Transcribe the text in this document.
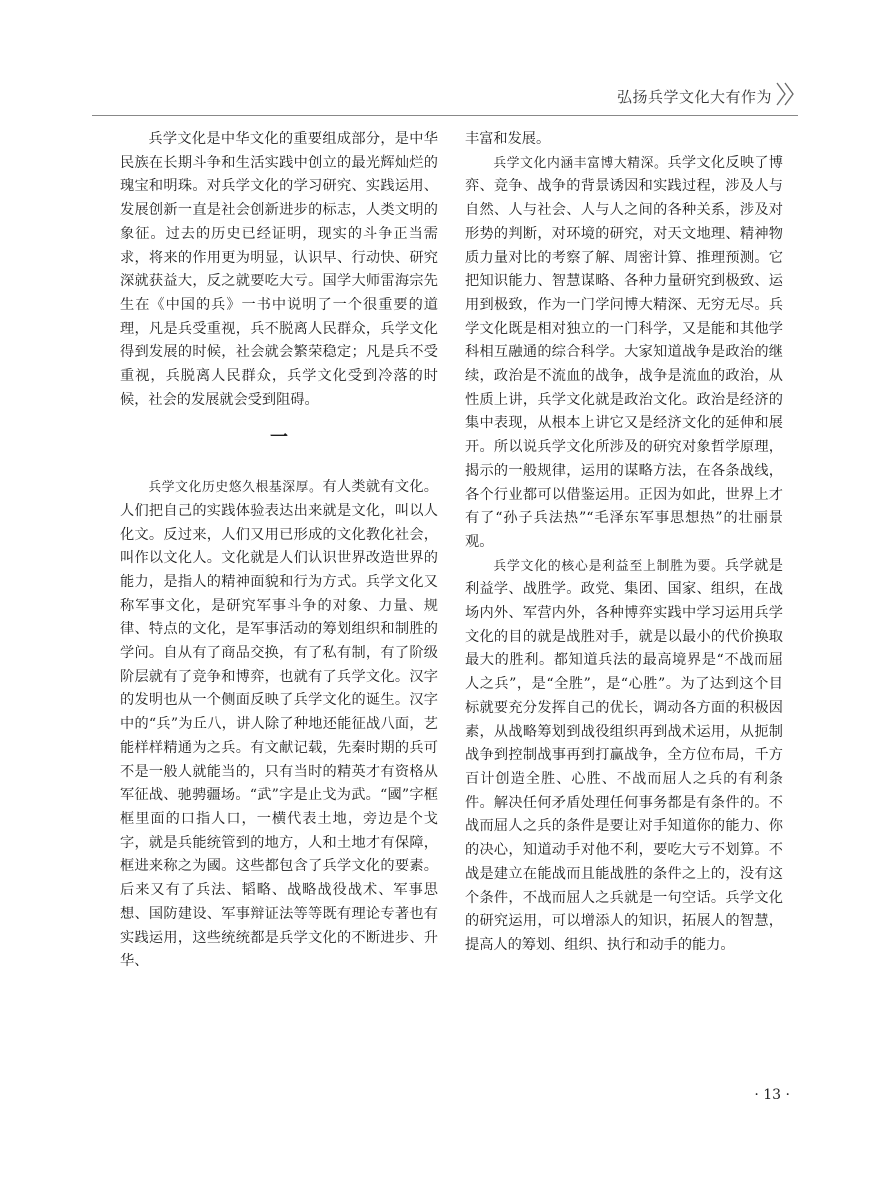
弘扬兵学文化大有作为

兵学文化是中华文化的重要组成部分，是中华民族在长期斗争和生活实践中创立的最光辉灿烂的瑰宝和明珠。对兵学文化的学习研究、实践运用、发展创新一直是社会创新进步的标志，人类文明的象征。过去的历史已经证明，现实的斗争正当需求，将来的作用更为明显，认识早、行动快、研究深就获益大，反之就要吃大亏。国学大师雷海宗先生在《中国的兵》一书中说明了一个很重要的道理，凡是兵受重视，兵不脱离人民群众，兵学文化得到发展的时候，社会就会繁荣稳定；凡是兵不受重视，兵脱离人民群众，兵学文化受到冷落的时候，社会的发展就会受到阻碍。

一

兵学文化历史悠久根基深厚。有人类就有文化。人们把自己的实践体验表达出来就是文化，叫以人化文。反过来，人们又用已形成的文化教化社会，叫作以文化人。文化就是人们认识世界改造世界的能力，是指人的精神面貌和行为方式。兵学文化又称军事文化，是研究军事斗争的对象、力量、规律、特点的文化，是军事活动的筹划组织和制胜的学问。自从有了商品交换，有了私有制，有了阶级阶层就有了竞争和博弈，也就有了兵学文化。汉字的发明也从一个侧面反映了兵学文化的诞生。汉字中的“兵”为丘八，讲人除了种地还能征战八面，艺能样样精通为之兵。有文献记载，先秦时期的兵可不是一般人就能当的，只有当时的精英才有资格从军征战、驰骋疆场。“武”字是止戈为武。“國”字框框里面的口指人口，一横代表土地，旁边是个戈字，就是兵能统管到的地方，人和土地才有保障，框进来称之为國。这些都包含了兵学文化的要素。后来又有了兵法、韬略、战略战役战术、军事思想、国防建设、军事辩证法等等既有理论专著也有实践运用，这些统统都是兵学文化的不断进步、升华、

丰富和发展。

兵学文化内涵丰富博大精深。兵学文化反映了博弈、竞争、战争的背景诱因和实践过程，涉及人与自然、人与社会、人与人之间的各种关系，涉及对形势的判断，对环境的研究，对天文地理、精神物质力量对比的考察了解、周密计算、推理预测。它把知识能力、智慧谋略、各种力量研究到极致、运用到极致，作为一门学问博大精深、无穷无尽。兵学文化既是相对独立的一门科学，又是能和其他学科相互融通的综合科学。大家知道战争是政治的继续，政治是不流血的战争，战争是流血的政治，从性质上讲，兵学文化就是政治文化。政治是经济的集中表现，从根本上讲它又是经济文化的延伸和展开。所以说兵学文化所涉及的研究对象哲学原理，揭示的一般规律，运用的谋略方法，在各条战线，各个行业都可以借鉴运用。正因为如此，世界上才有了“孙子兵法热”“毛泽东军事思想热”的壮丽景观。

兵学文化的核心是利益至上制胜为要。兵学就是利益学、战胜学。政党、集团、国家、组织，在战场内外、军营内外，各种博弈实践中学习运用兵学文化的目的就是战胜对手，就是以最小的代价换取最大的胜利。都知道兵法的最高境界是“不战而屈人之兵”，是“全胜”，是“心胜”。为了达到这个目标就要充分发挥自己的优长，调动各方面的积极因素，从战略筹划到战役组织再到战术运用，从扼制战争到控制战事再到打赢战争，全方位布局，千方百计创造全胜、心胜、不战而屈人之兵的有利条件。解决任何矛盾处理任何事务都是有条件的。不战而屈人之兵的条件是要让对手知道你的能力、你的决心，知道动手对他不利，要吃大亏不划算。不战是建立在能战而且能战胜的条件之上的，没有这个条件，不战而屈人之兵就是一句空话。兵学文化的研究运用，可以增添人的知识，拓展人的智慧，提高人的筹划、组织、执行和动手的能力。

· 13 ·
